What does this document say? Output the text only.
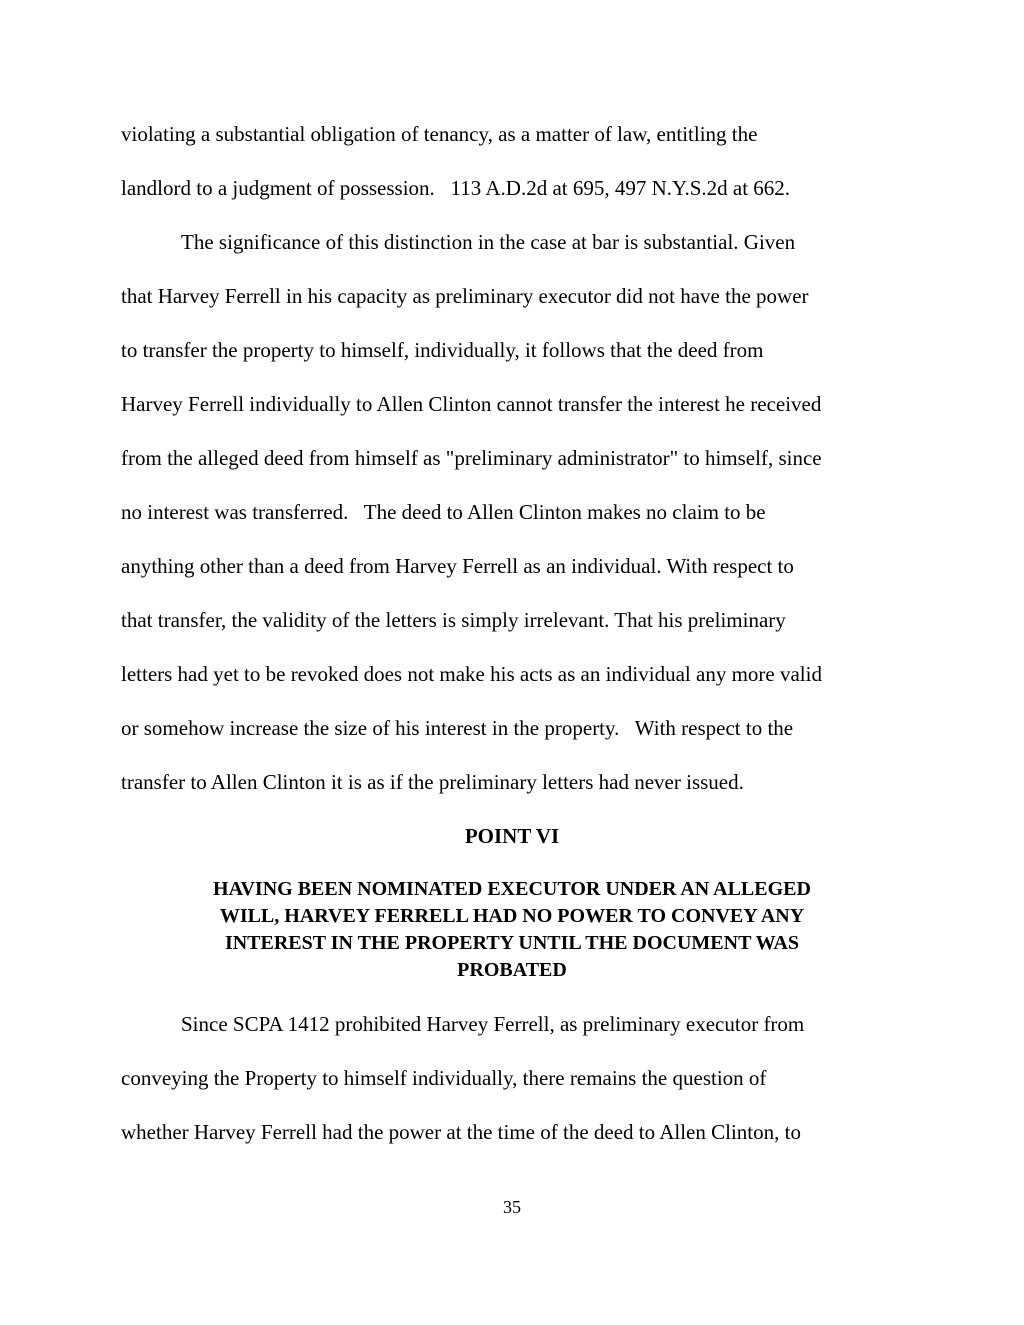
violating a substantial obligation of tenancy, as a matter of law, entitling the
landlord to a judgment of possession.   113 A.D.2d at 695, 497 N.Y.S.2d at 662.
The significance of this distinction in the case at bar is substantial. Given
that Harvey Ferrell in his capacity as preliminary executor did not have the power
to transfer the property to himself, individually, it follows that the deed from
Harvey Ferrell individually to Allen Clinton cannot transfer the interest he received
from the alleged deed from himself as "preliminary administrator" to himself, since
no interest was transferred.   The deed to Allen Clinton makes no claim to be
anything other than a deed from Harvey Ferrell as an individual. With respect to
that transfer, the validity of the letters is simply irrelevant. That his preliminary
letters had yet to be revoked does not make his acts as an individual any more valid
or somehow increase the size of his interest in the property.   With respect to the
transfer to Allen Clinton it is as if the preliminary letters had never issued.
POINT VI
HAVING BEEN NOMINATED EXECUTOR UNDER AN ALLEGED
WILL, HARVEY FERRELL HAD NO POWER TO CONVEY ANY
INTEREST IN THE PROPERTY UNTIL THE DOCUMENT WAS
PROBATED
Since SCPA 1412 prohibited Harvey Ferrell, as preliminary executor from
conveying the Property to himself individually, there remains the question of
whether Harvey Ferrell had the power at the time of the deed to Allen Clinton, to
35
